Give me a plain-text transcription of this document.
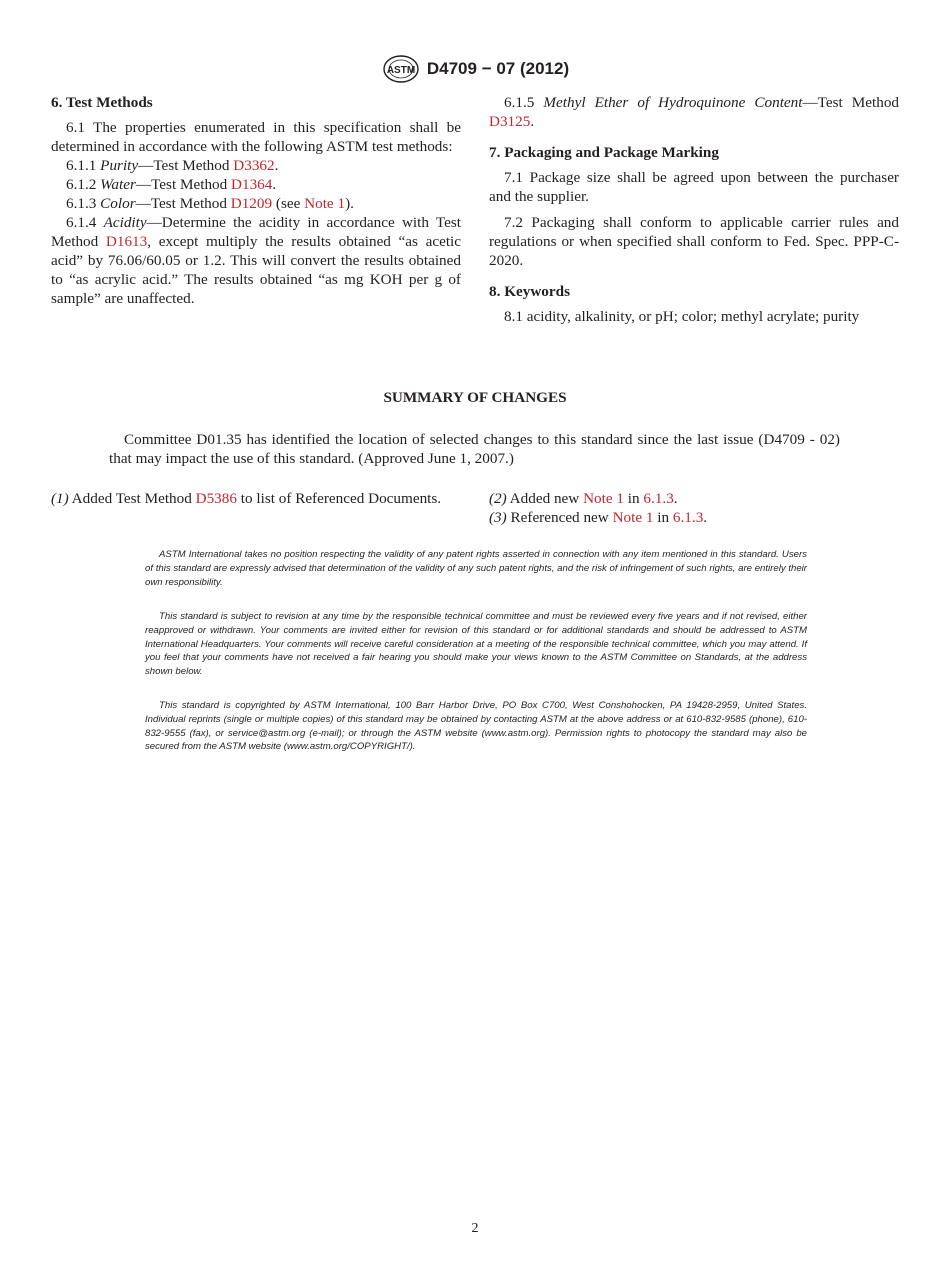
ASTM D4709 − 07 (2012)
6. Test Methods

6.1 The properties enumerated in this specification shall be determined in accordance with the following ASTM test methods:

6.1.1 Purity—Test Method D3362.

6.1.2 Water—Test Method D1364.

6.1.3 Color—Test Method D1209 (see Note 1).

6.1.4 Acidity—Determine the acidity in accordance with Test Method D1613, except multiply the results obtained “as acetic acid” by 76.06/60.05 or 1.2. This will convert the results obtained to “as acrylic acid.” The results obtained “as mg KOH per g of sample” are unaffected.

6.1.5 Methyl Ether of Hydroquinone Content—Test Method D3125.

7. Packaging and Package Marking

7.1 Package size shall be agreed upon between the purchaser and the supplier.

7.2 Packaging shall conform to applicable carrier rules and regulations or when specified shall conform to Fed. Spec. PPP-C-2020.

8. Keywords

8.1 acidity, alkalinity, or pH; color; methyl acrylate; purity

SUMMARY OF CHANGES

Committee D01.35 has identified the location of selected changes to this standard since the last issue (D4709 - 02) that may impact the use of this standard. (Approved June 1, 2007.)

(1) Added Test Method D5386 to list of Referenced Documents.	(2) Added new Note 1 in 6.1.3.
(3) Referenced new Note 1 in 6.1.3.

ASTM International takes no position respecting the validity of any patent rights asserted in connection with any item mentioned in this standard. Users of this standard are expressly advised that determination of the validity of any such patent rights, and the risk of infringement of such rights, are entirely their own responsibility.

This standard is subject to revision at any time by the responsible technical committee and must be reviewed every five years and if not revised, either reapproved or withdrawn. Your comments are invited either for revision of this standard or for additional standards and should be addressed to ASTM International Headquarters. Your comments will receive careful consideration at a meeting of the responsible technical committee, which you may attend. If you feel that your comments have not received a fair hearing you should make your views known to the ASTM Committee on Standards, at the address shown below.

This standard is copyrighted by ASTM International, 100 Barr Harbor Drive, PO Box C700, West Conshohocken, PA 19428-2959, United States. Individual reprints (single or multiple copies) of this standard may be obtained by contacting ASTM at the above address or at 610-832-9585 (phone), 610-832-9555 (fax), or service@astm.org (e-mail); or through the ASTM website (www.astm.org). Permission rights to photocopy the standard may also be secured from the ASTM website (www.astm.org/COPYRIGHT/).

2
